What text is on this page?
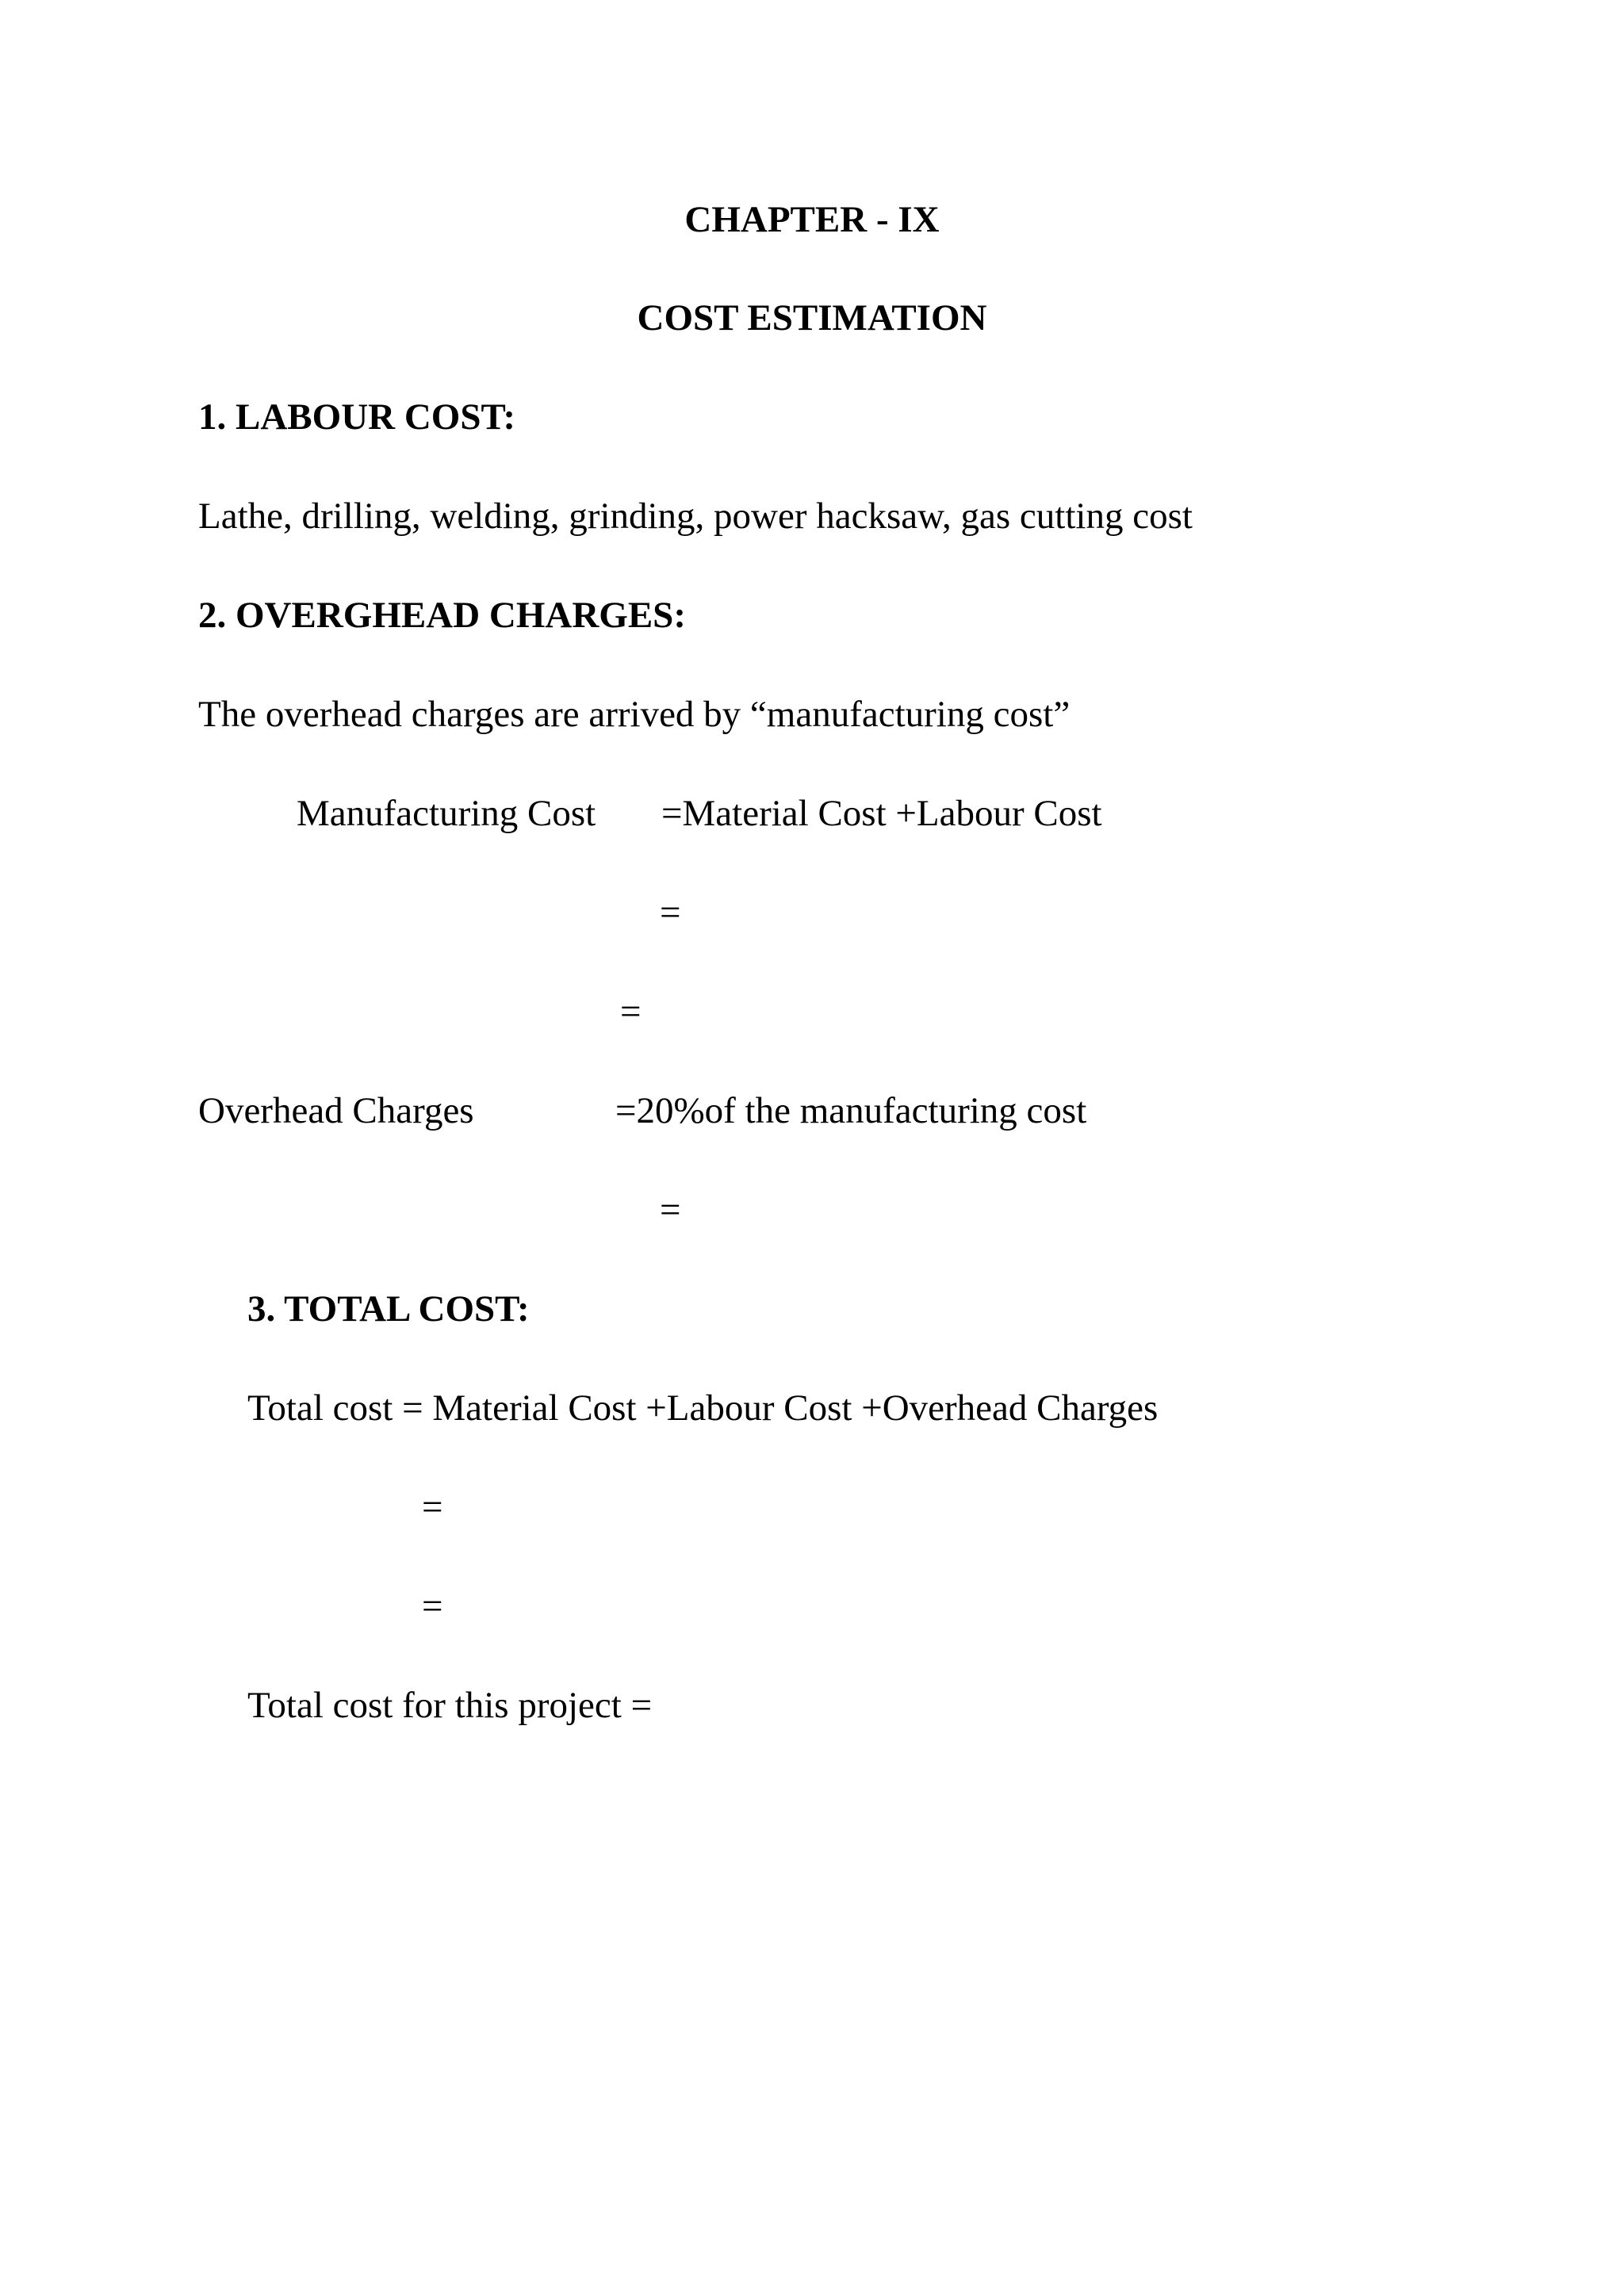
CHAPTER - IX
COST ESTIMATION
1. LABOUR COST:
Lathe, drilling, welding, grinding, power hacksaw, gas cutting cost
2. OVERGHEAD CHARGES:
The overhead charges are arrived by “manufacturing cost”
Manufacturing Cost =Material Cost +Labour Cost
=
=
Overhead Charges	=20%of the manufacturing cost
=
3. TOTAL COST:
Total cost = Material Cost +Labour Cost +Overhead Charges
=
=
Total cost for this project =
